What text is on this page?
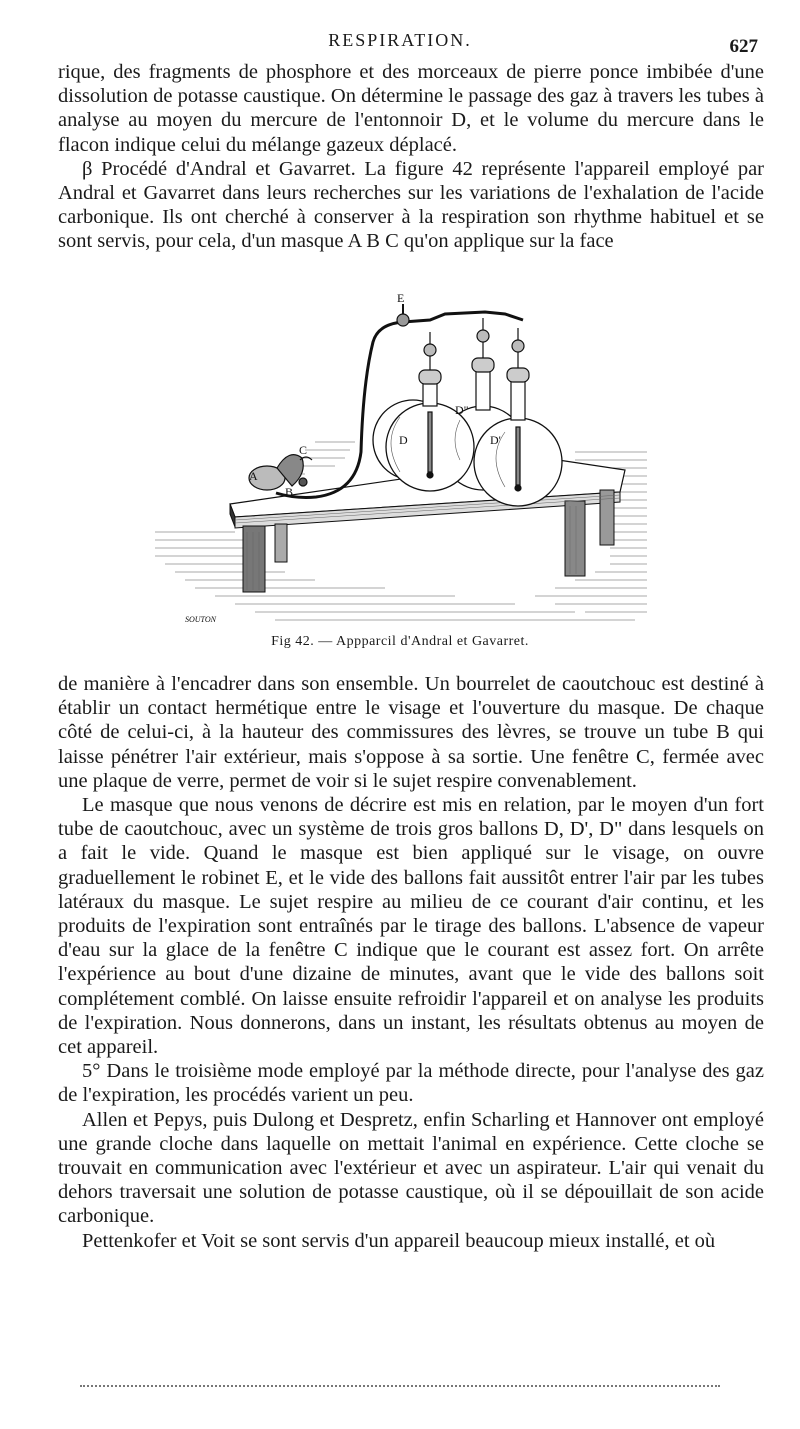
RESPIRATION.	627

rique, des fragments de phosphore et des morceaux de pierre ponce imbibée d'une dissolution de potasse caustique. On détermine le passage des gaz à travers les tubes à analyse au moyen du mercure de l'entonnoir D, et le volume du mercure dans le flacon indique celui du mélange gazeux déplacé.

β Procédé d'Andral et Gavarret. La figure 42 représente l'appareil employé par Andral et Gavarret dans leurs recherches sur les variations de l'exhalation de l'acide carbonique. Ils ont cherché à conserver à la respiration son rhythme habituel et se sont servis, pour cela, d'un masque A B C qu'on applique sur la face

E
D	D'
D"
A
C
B
SOUTON
Fig 42. — Appparcil d'Andral et Gavarret.

de manière à l'encadrer dans son ensemble. Un bourrelet de caoutchouc est destiné à établir un contact hermétique entre le visage et l'ouverture du masque. De chaque côté de celui-ci, à la hauteur des commissures des lèvres, se trouve un tube B qui laisse pénétrer l'air extérieur, mais s'oppose à sa sortie. Une fenêtre C, fermée avec une plaque de verre, permet de voir si le sujet respire convenablement.

Le masque que nous venons de décrire est mis en relation, par le moyen d'un fort tube de caoutchouc, avec un système de trois gros ballons D, D', D" dans lesquels on a fait le vide. Quand le masque est bien appliqué sur le visage, on ouvre graduellement le robinet E, et le vide des ballons fait aussitôt entrer l'air par les tubes latéraux du masque. Le sujet respire au milieu de ce courant d'air continu, et les produits de l'expiration sont entraînés par le tirage des ballons. L'absence de vapeur d'eau sur la glace de la fenêtre C indique que le courant est assez fort. On arrête l'expérience au bout d'une dizaine de minutes, avant que le vide des ballons soit complétement comblé. On laisse ensuite refroidir l'appareil et on analyse les produits de l'expiration. Nous donnerons, dans un instant, les résultats obtenus au moyen de cet appareil.

5° Dans le troisième mode employé par la méthode directe, pour l'analyse des gaz de l'expiration, les procédés varient un peu.

Allen et Pepys, puis Dulong et Despretz, enfin Scharling et Hannover ont employé une grande cloche dans laquelle on mettait l'animal en expérience. Cette cloche se trouvait en communication avec l'extérieur et avec un aspirateur. L'air qui venait du dehors traversait une solution de potasse caustique, où il se dépouillait de son acide carbonique.

Pettenkofer et Voit se sont servis d'un appareil beaucoup mieux installé, et où
